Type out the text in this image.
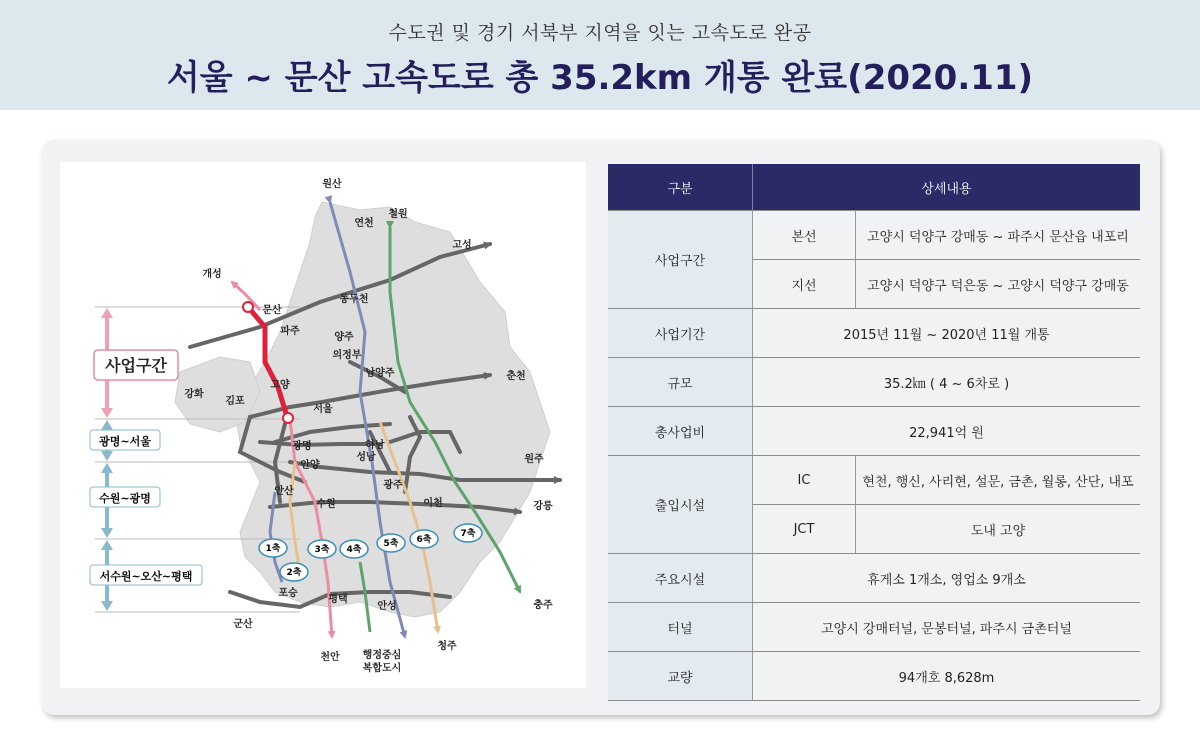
수도권 및 경기 서북부 지역을 잇는 고속도로 완공
서울 ~ 문산 고속도로 총 35.2km 개통 완료(2020.11)
사업구간
광명~서울
수원~광명
서수원~오산~평택
1축
2축
3축 4축
5축 6축
7축
원산
연천
철원
고성
개성
문산
파주
동두천
양주
의정부
남양주	춘천
강화
김포
고양
서울
광명	하남
성남	원주
안양
안산
수원
광주
이천	강릉
평택
안성	충주
포승
군산
천안 행정중심
복합도시
청주
구분	상세내용	
사업구간	본선	고양시 덕양구 강매동 ~ 파주시 문산읍 내포리
	지선	고양시 덕양구 덕은동 ~ 고양시 덕양구 강매동
사업기간	2015년 11월 ~ 2020년 11월 개통	
규모	35.2㎞ ( 4 ~ 6차로 )	
총사업비	22,941억 원	
출입시설	IC	현천, 행신, 사리현, 설문, 금촌, 월롱, 산단, 내포
	JCT	도내 고양
주요시설	휴게소 1개소, 영업소 9개소	
터널	고양시 강매터널, 문봉터널, 파주시 금촌터널	
교량	94개호 8,628m	
